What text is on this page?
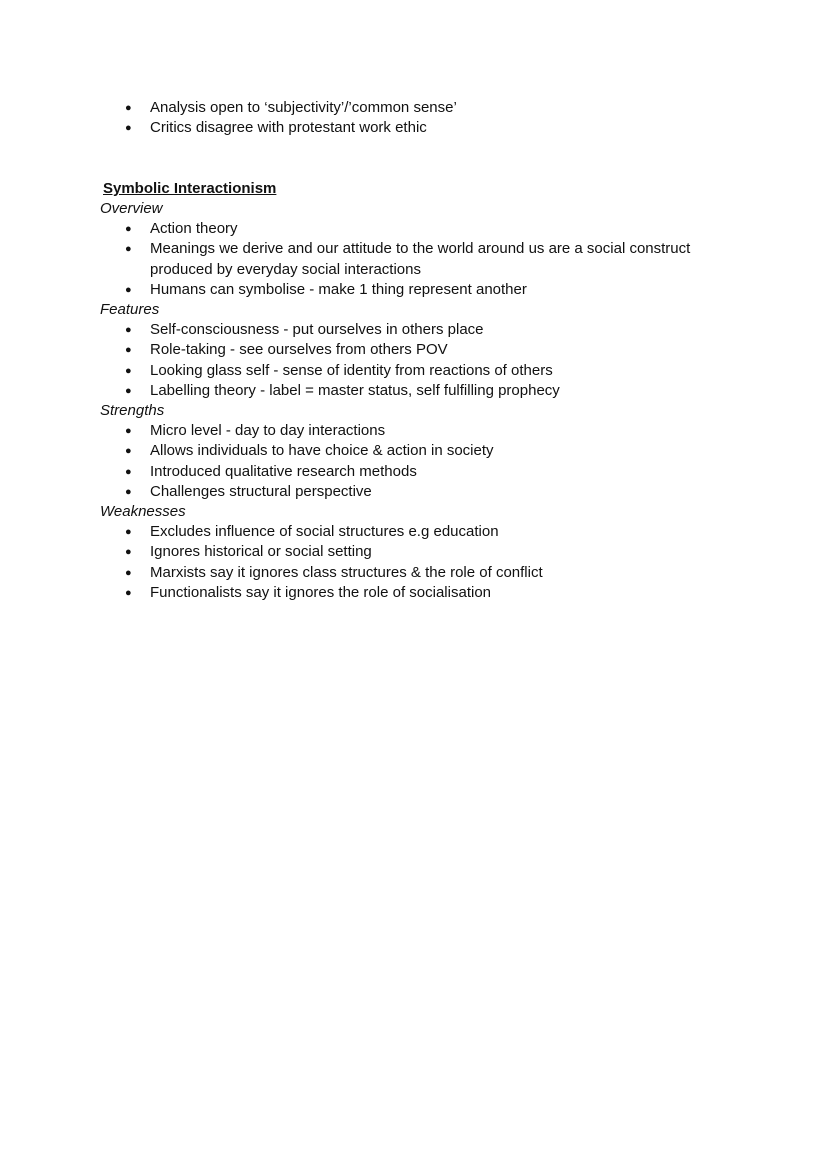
● Analysis open to ‘subjectivity’/’common sense’
● Critics disagree with protestant work ethic
Symbolic Interactionism
Overview
● Action theory
● Meanings we derive and our attitude to the world around us are a social construct produced by everyday social interactions
● Humans can symbolise - make 1 thing represent another
Features
● Self-consciousness - put ourselves in others place
● Role-taking - see ourselves from others POV
● Looking glass self - sense of identity from reactions of others
● Labelling theory - label = master status, self fulfilling prophecy
Strengths
● Micro level - day to day interactions
● Allows individuals to have choice & action in society
● Introduced qualitative research methods
● Challenges structural perspective
Weaknesses
● Excludes influence of social structures e.g education
● Ignores historical or social setting
● Marxists say it ignores class structures & the role of conflict
● Functionalists say it ignores the role of socialisation
